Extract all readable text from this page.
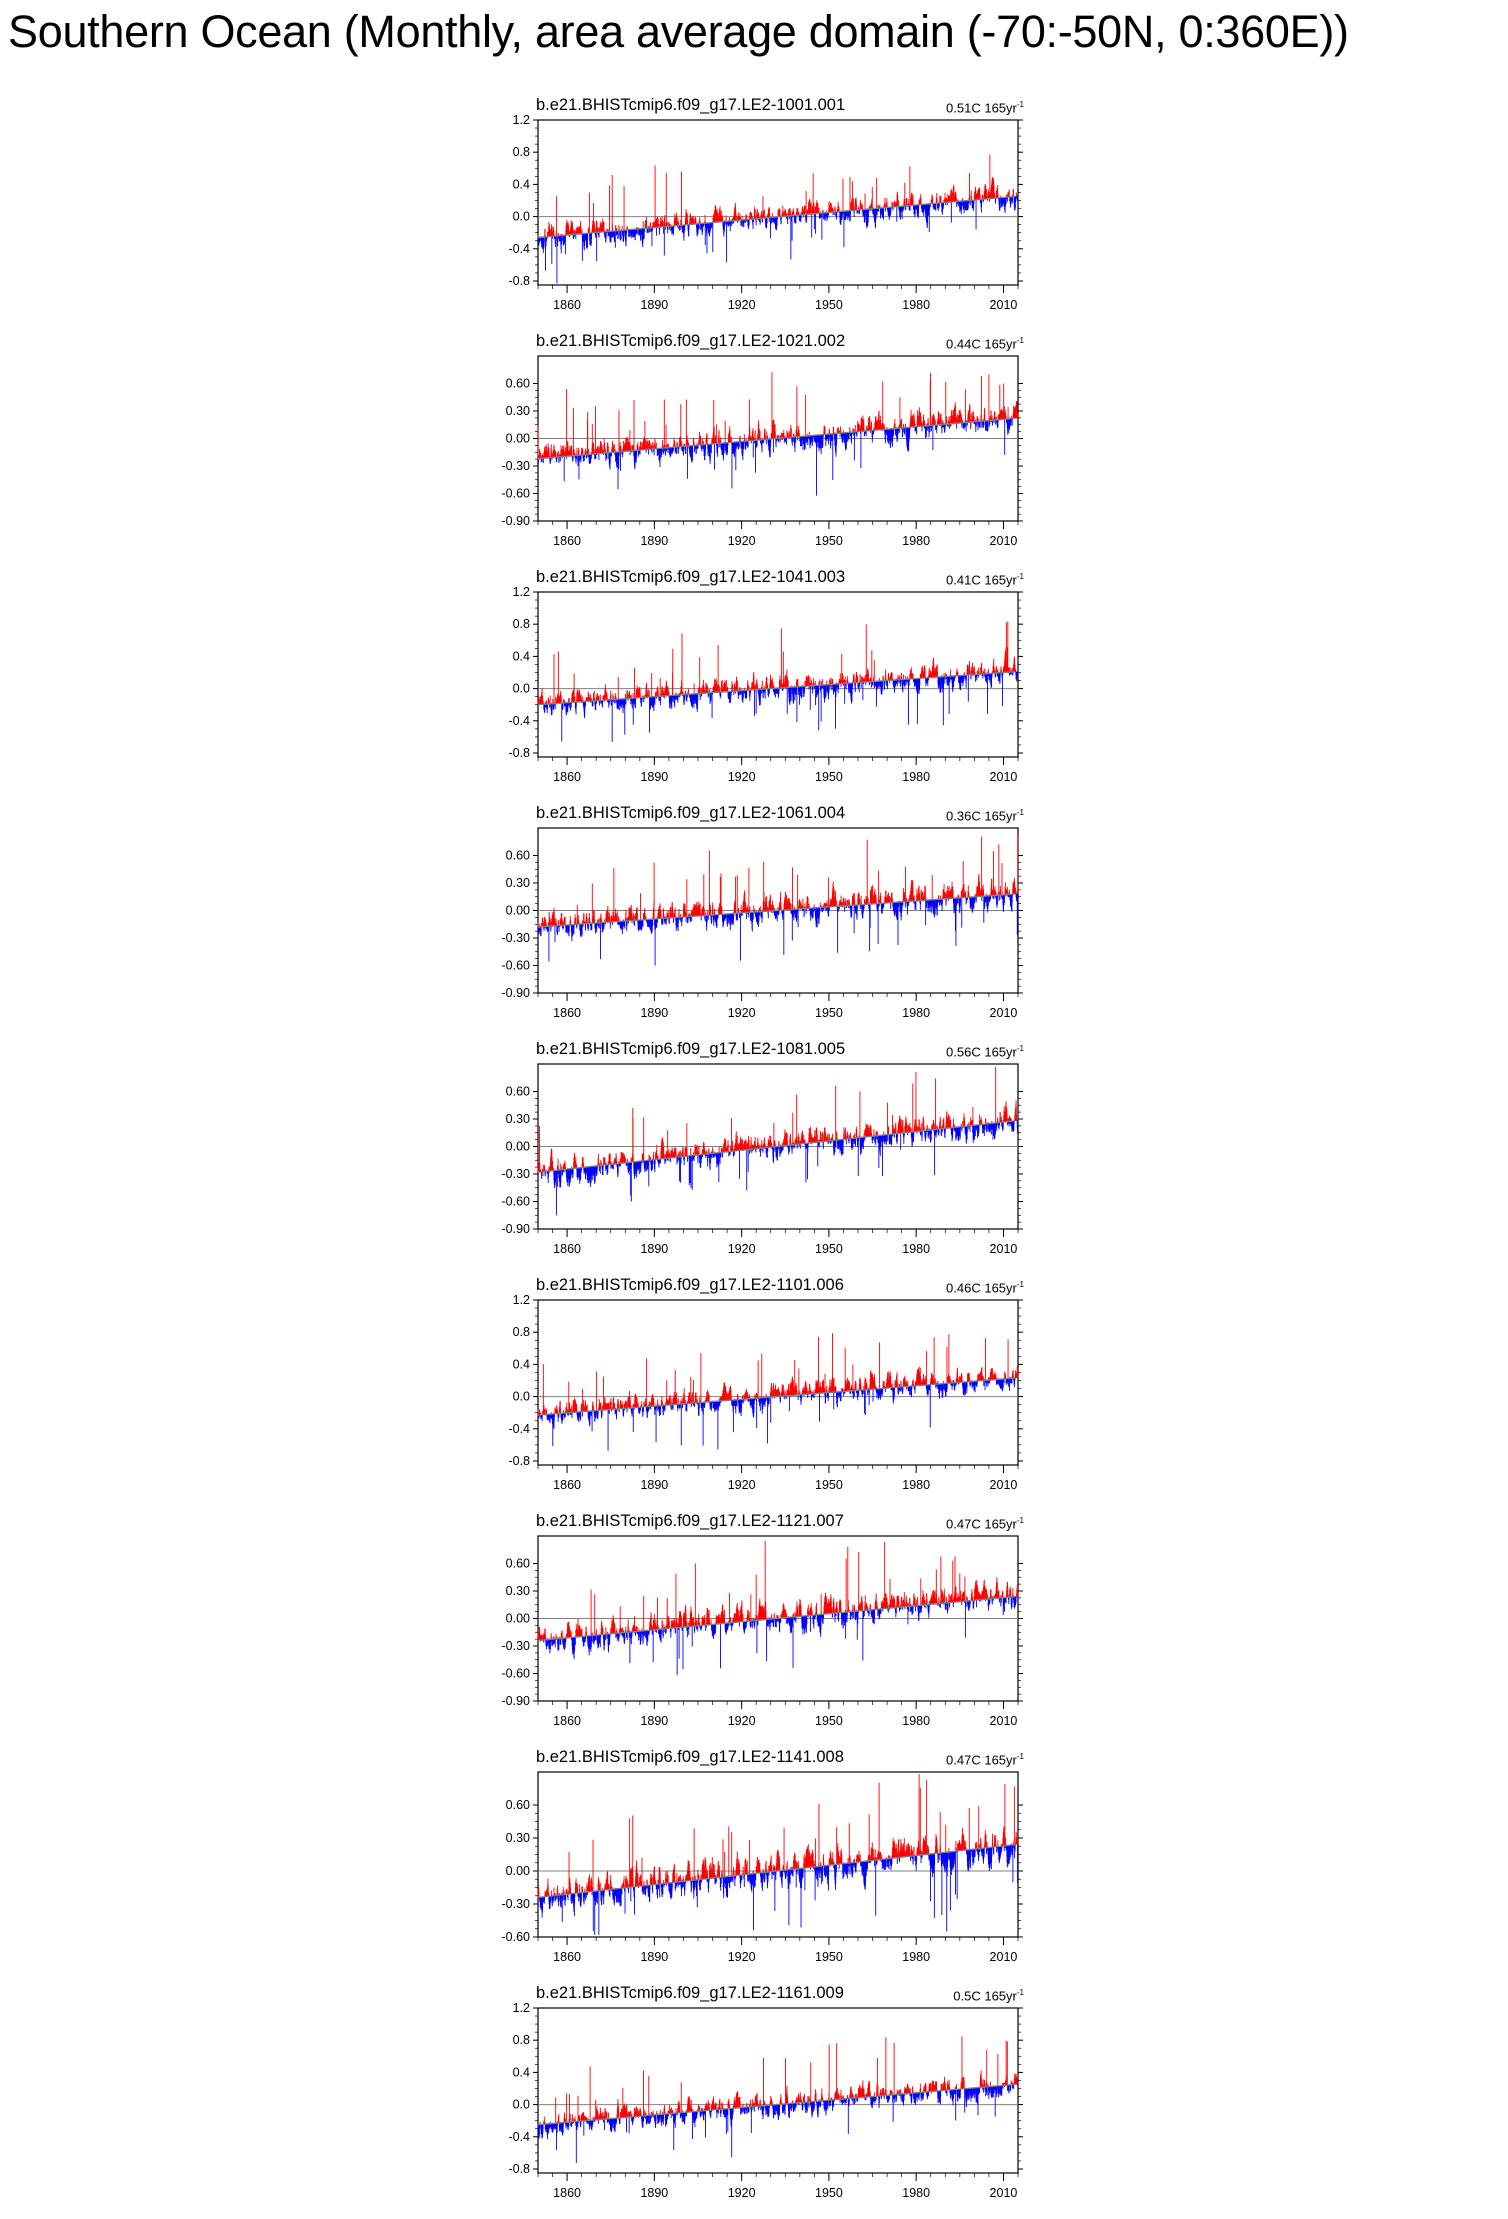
Southern Ocean (Monthly, area average domain (-70:-50N, 0:360E))
b.e21.BHISTcmip6.f09_g17.LE2-1001.001	0.51C $165yr^{-1}$
1.2
0.8
0.4
0.0
-0.4
-0.8
1860	1890	1920	1950	1980	2010
b.e21.BHISTcmip6.f09_g17.LE2-1021.002	0.44C $165yr^{-1}$
0.60
0.30
0.00
-0.30
-0.60
-0.90
1860	1890	1920	1950	1980	2010
b.e21.BHISTcmip6.f09_g17.LE2-1041.003	0.41C $165yr^{-1}$
1.2
0.8
0.4
0.0
-0.4
-0.8
1860	1890	1920	1950	1980	2010
b.e21.BHISTcmip6.f09_g17.LE2-1061.004	0.36C $165yr^{-1}$
0.60
0.30
0.00
-0.30
-0.60
-0.90
1860	1890	1920	1950	1980	2010
b.e21.BHISTcmip6.f09_g17.LE2-1081.005	0.56C $165yr^{-1}$
0.60
0.30
0.00
-0.30
-0.60
-0.90
1860	1890	1920	1950	1980	2010
b.e21.BHISTcmip6.f09_g17.LE2-1101.006	0.46C $165yr^{-1}$
1.2
0.8
0.4
0.0
-0.4
-0.8
1860	1890	1920	1950	1980	2010
b.e21.BHISTcmip6.f09_g17.LE2-1121.007	0.47C $165yr^{-1}$
0.60
0.30
0.00
-0.30
-0.60
-0.90
1860	1890	1920	1950	1980	2010
b.e21.BHISTcmip6.f09_g17.LE2-1141.008	0.47C $165yr^{-1}$
0.60
0.30
0.00
-0.30
-0.60
1860	1890	1920	1950	1980	2010
b.e21.BHISTcmip6.f09_g17.LE2-1161.009	0.5C $165yr^{-1}$
1.2
0.8
0.4
0.0
-0.4
-0.8
1860	1890	1920	1950	1980	2010
